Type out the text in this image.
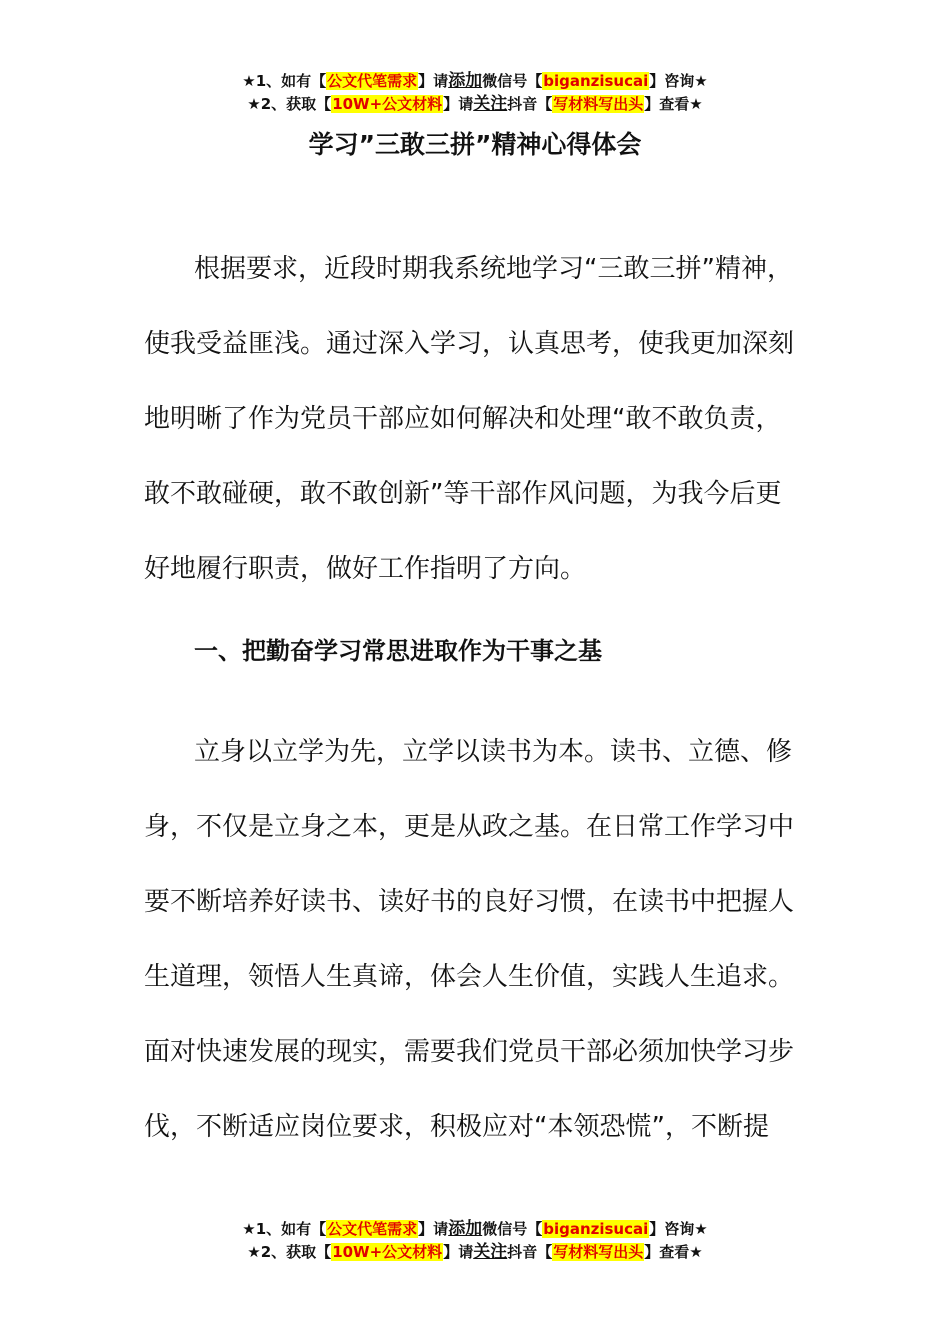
★1、如有【公文代笔需求】请添加微信号【biganzisucai】咨询★
★2、获取【10W+公文材料】请关注抖音【写材料写出头】查看★
学习”三敢三拼”精神心得体会
根据要求，近段时期我系统地学习“三敢三拼”精神，
使我受益匪浅。通过深入学习，认真思考，使我更加深刻
地明晰了作为党员干部应如何解决和处理“敢不敢负责，
敢不敢碰硬，敢不敢创新”等干部作风问题，为我今后更
好地履行职责，做好工作指明了方向。
一、把勤奋学习常思进取作为干事之基
立身以立学为先，立学以读书为本。读书、立德、修
身，不仅是立身之本，更是从政之基。在日常工作学习中
要不断培养好读书、读好书的良好习惯，在读书中把握人
生道理，领悟人生真谛，体会人生价值，实践人生追求。
面对快速发展的现实，需要我们党员干部必须加快学习步
伐，不断适应岗位要求，积极应对“本领恐慌”，不断提
★1、如有【公文代笔需求】请添加微信号【biganzisucai】咨询★
★2、获取【10W+公文材料】请关注抖音【写材料写出头】查看★
